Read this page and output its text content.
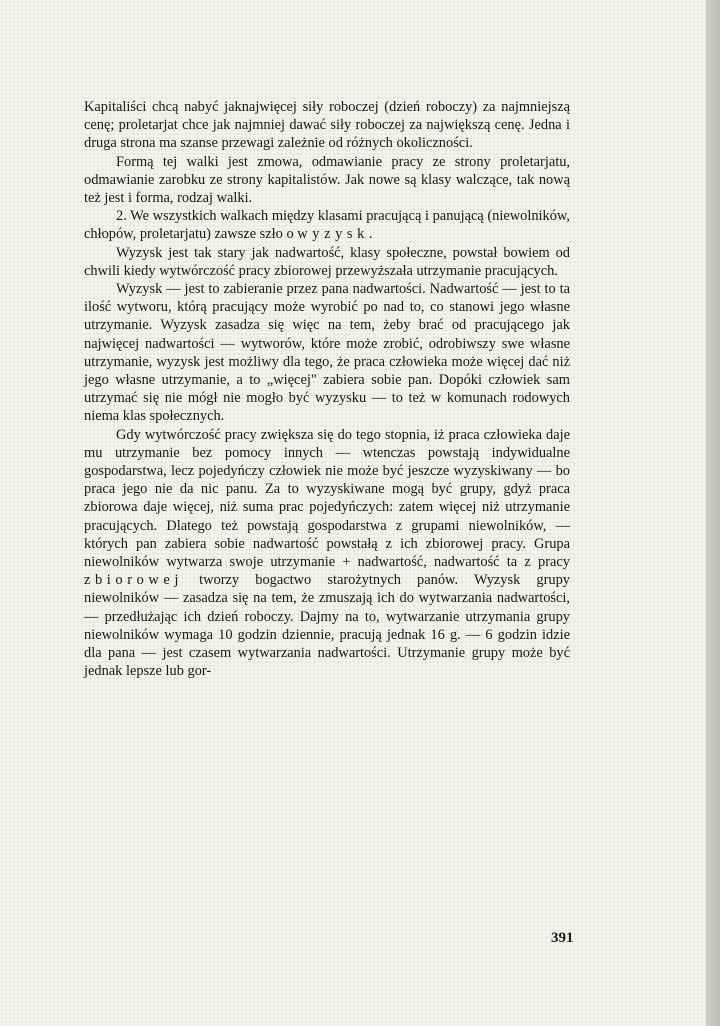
Kapitaliści chcą nabyć jaknajwięcej siły roboczej (dzień roboczy) za najmniejszą cenę; proletarjat chce jak najmniej dawać siły roboczej za największą cenę. Jedna i druga strona ma szanse przewagi zależnie od różnych okoliczności.

Formą tej walki jest zmowa, odmawianie pracy ze strony proletarjatu, odmawianie zarobku ze strony kapitalistów. Jak nowe są klasy walczące, tak nową też jest i forma, rodzaj walki.

2. We wszystkich walkach między klasami pracującą i panującą (niewolników, chłopów, proletarjatu) zawsze szło o wyzysk.

Wyzysk jest tak stary jak nadwartość, klasy społeczne, powstał bowiem od chwili kiedy wytwórczość pracy zbiorowej przewyższała utrzymanie pracujących.

Wyzysk — jest to zabieranie przez pana nadwartości. Nadwartość — jest to ta ilość wytworu, którą pracujący może wyrobić po nad to, co stanowi jego własne utrzymanie. Wyzysk zasadza się więc na tem, żeby brać od pracującego jak najwięcej nadwartości — wytworów, które może zrobić, odrobiwszy swe własne utrzymanie, wyzysk jest możliwy dla tego, że praca człowieka może więcej dać niż jego własne utrzymanie, a to „więcej" zabiera sobie pan. Dopóki człowiek sam utrzymać się nie mógł nie mogło być wyzysku — to też w komunach rodowych niema klas społecznych.

Gdy wytwórczość pracy zwiększa się do tego stopnia, iż praca człowieka daje mu utrzymanie bez pomocy innych — wtenczas powstają indywidualne gospodarstwa, lecz pojedyńczy człowiek nie może być jeszcze wyzyskiwany — bo praca jego nie da nic panu. Za to wyzyskiwane mogą być grupy, gdyż praca zbiorowa daje więcej, niż suma prac pojedyńczych: zatem więcej niż utrzymanie pracujących. Dlatego też powstają gospodarstwa z grupami niewolników, — których pan zabiera sobie nadwartość powstałą z ich zbiorowej pracy. Grupa niewolników wytwarza swoje utrzymanie + nadwartość, nadwartość ta z pracy zbiorowej tworzy bogactwo starożytnych panów. Wyzysk grupy niewolników — zasadza się na tem, że zmuszają ich do wytwarzania nadwartości, — przedłużając ich dzień roboczy. Dajmy na to, wytwarzanie utrzymania grupy niewolników wymaga 10 godzin dziennie, pracują jednak 16 g. — 6 godzin idzie dla pana — jest czasem wytwarzania nadwartości. Utrzymanie grupy może być jednak lepsze lub gor-

391
